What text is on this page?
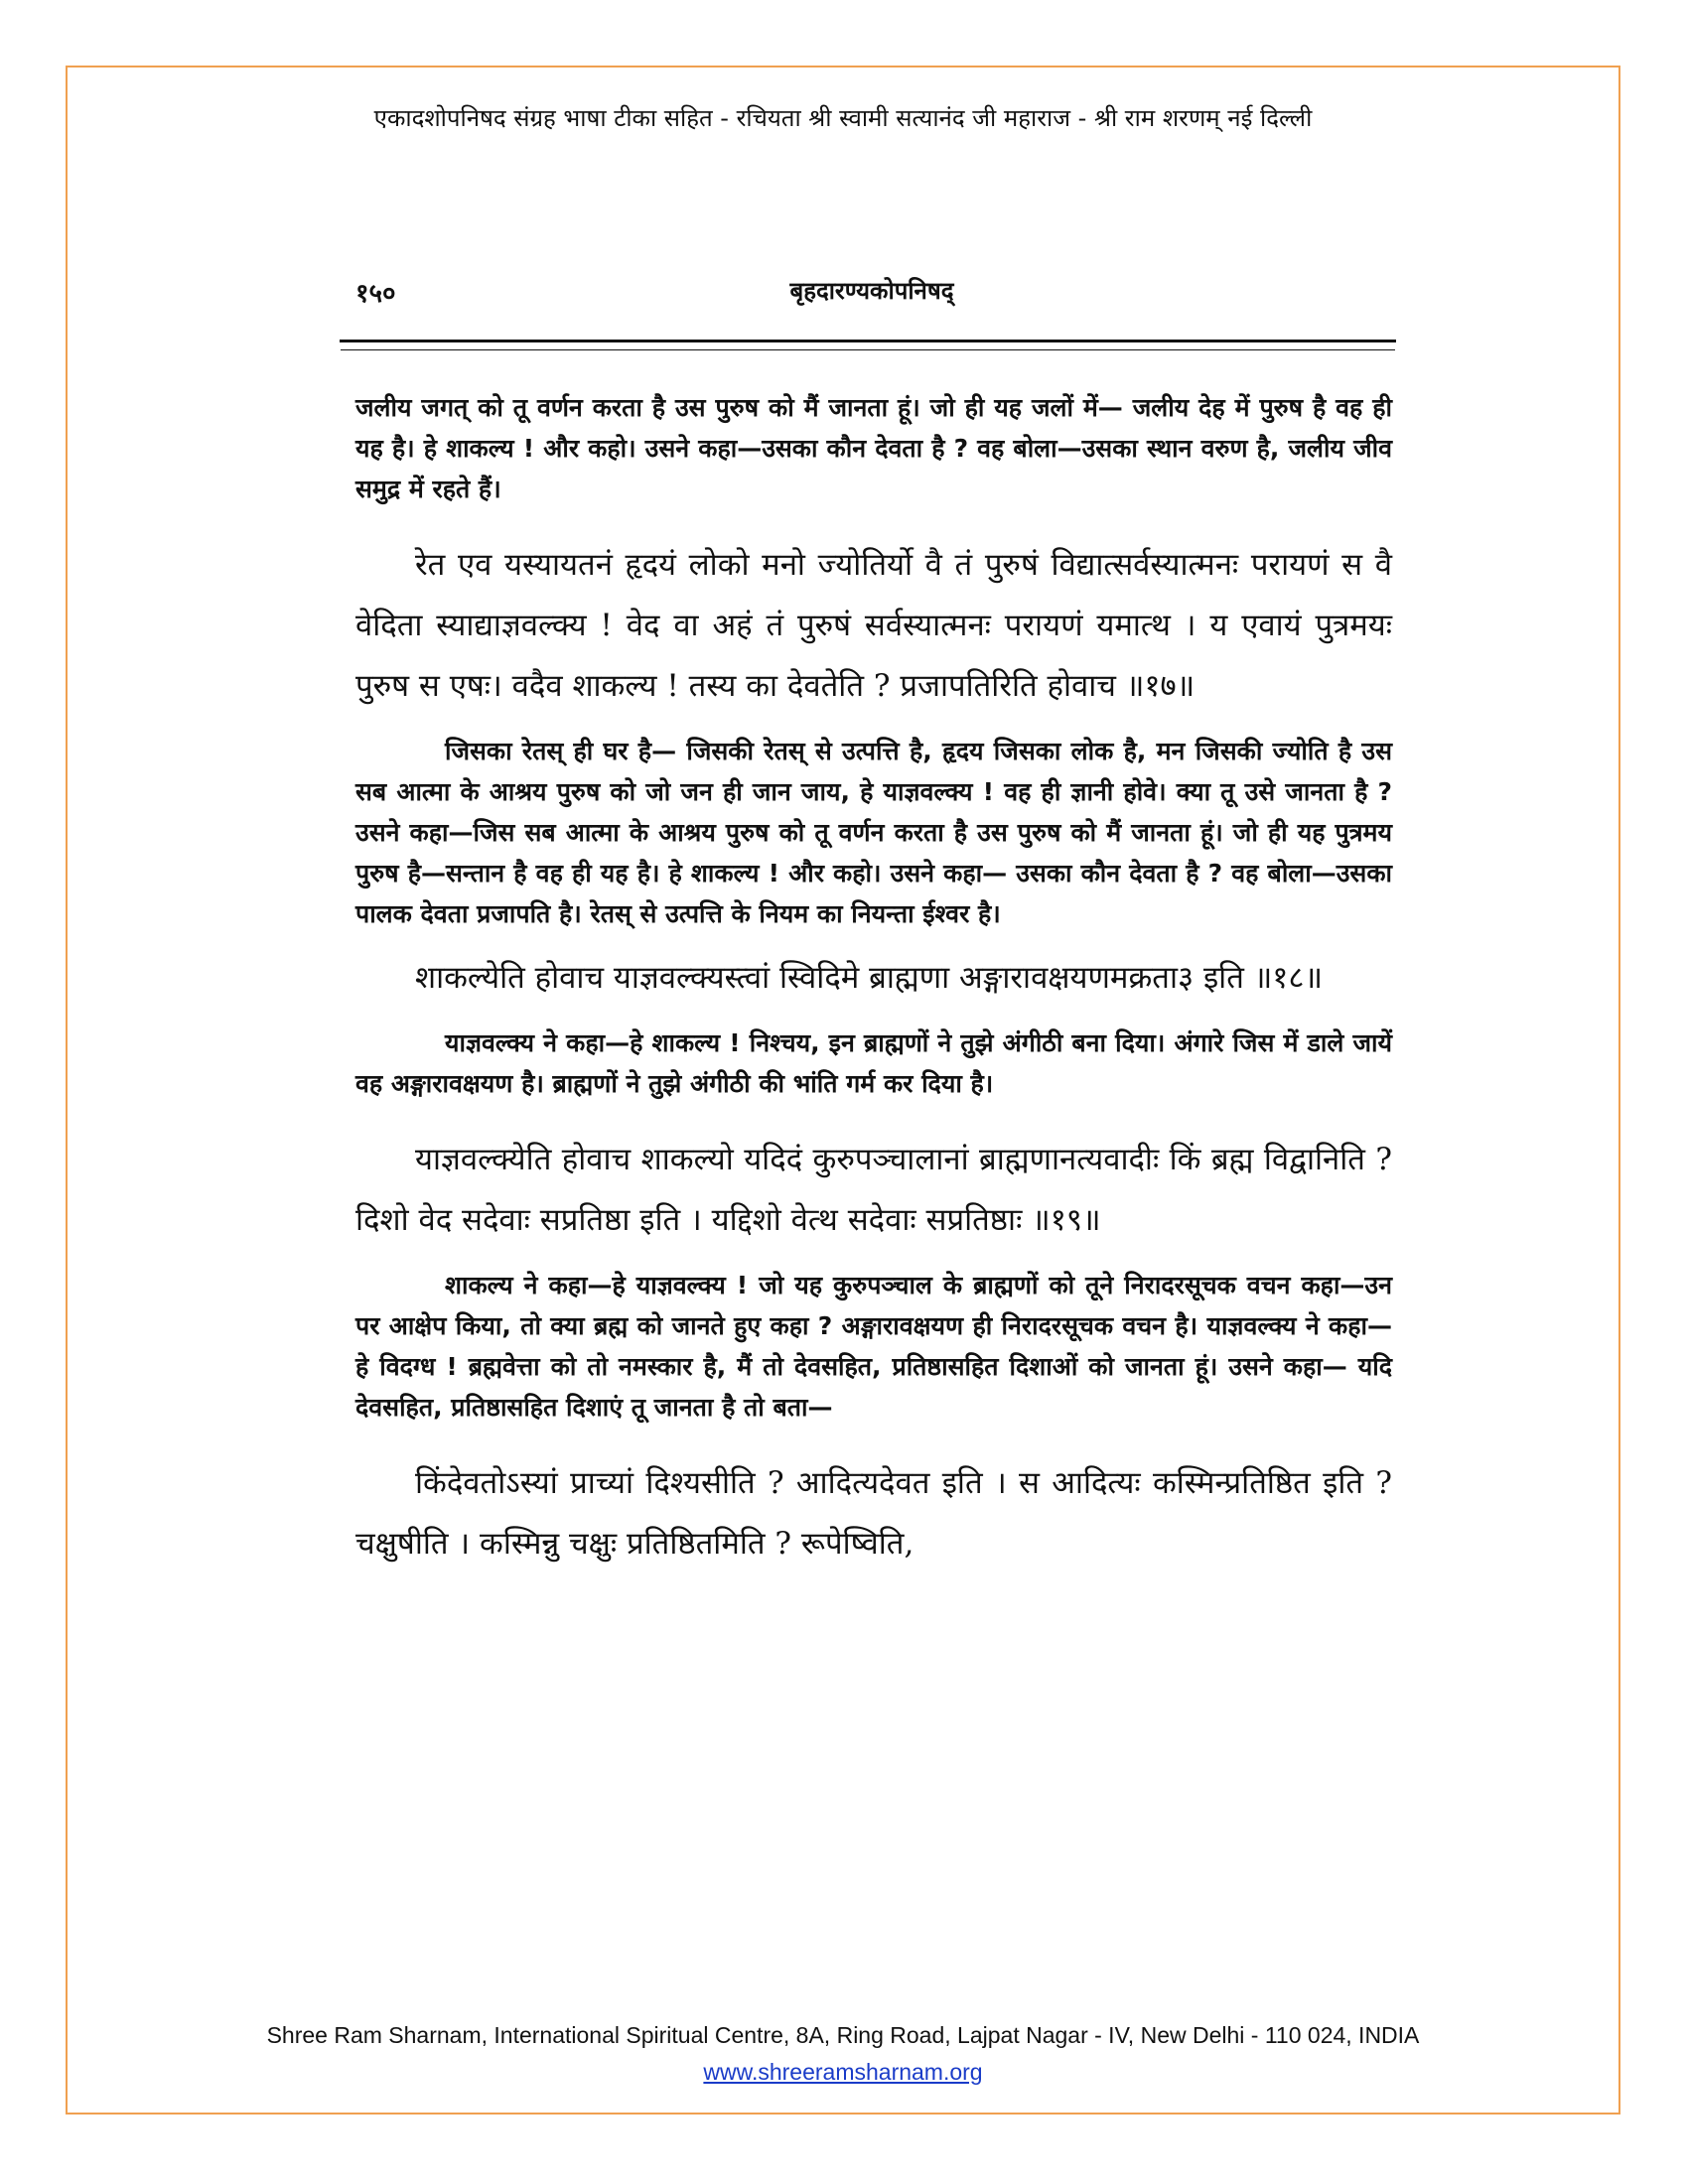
एकादशोपनिषद संग्रह भाषा टीका सहित - रचियता श्री स्वामी सत्यानंद जी महाराज - श्री राम शरणम् नई दिल्ली
१५०	बृहदारण्यकोपनिषद्

जलीय जगत् को तू वर्णन करता है उस पुरुष को मैं जानता हूं। जो ही यह जलों में— जलीय देह में पुरुष है वह ही यह है। हे शाकल्य ! और कहो। उसने कहा—उसका कौन देवता है ? वह बोला—उसका स्थान वरुण है, जलीय जीव समुद्र में रहते हैं।

रेत एव यस्यायतनं हृदयं लोको मनो ज्योतिर्यो वै तं पुरुषं विद्यात्सर्वस्यात्मनः परायणं स वै वेदिता स्याद्याज्ञवल्क्य ! वेद वा अहं तं पुरुषं सर्वस्यात्मनः परायणं यमात्थ । य एवायं पुत्रमयः पुरुष स एषः। वदैव शाकल्य ! तस्य का देवतेति ? प्रजापतिरिति होवाच ॥१७॥

जिसका रेतस् ही घर है— जिसकी रेतस् से उत्पत्ति है, हृदय जिसका लोक है, मन जिसकी ज्योति है उस सब आत्मा के आश्रय पुरुष को जो जन ही जान जाय, हे याज्ञवल्क्य ! वह ही ज्ञानी होवे। क्या तू उसे जानता है ? उसने कहा—जिस सब आत्मा के आश्रय पुरुष को तू वर्णन करता है उस पुरुष को मैं जानता हूं। जो ही यह पुत्रमय पुरुष है—सन्तान है वह ही यह है। हे शाकल्य ! और कहो। उसने कहा— उसका कौन देवता है ? वह बोला—उसका पालक देवता प्रजापति है। रेतस् से उत्पत्ति के नियम का नियन्ता ईश्वर है।

शाकल्येति होवाच याज्ञवल्क्यस्त्वां स्विदिमे ब्राह्मणा अङ्गारावक्षयणमक्रता३ इति ॥१८॥

याज्ञवल्क्य ने कहा—हे शाकल्य ! निश्चय, इन ब्राह्मणों ने तुझे अंगीठी बना दिया। अंगारे जिस में डाले जायें वह अङ्गारावक्षयण है। ब्राह्मणों ने तुझे अंगीठी की भांति गर्म कर दिया है।

याज्ञवल्क्येति होवाच शाकल्यो यदिदं कुरुपञ्चालानां ब्राह्मणानत्यवादीः किं ब्रह्म विद्वानिति ? दिशो वेद सदेवाः सप्रतिष्ठा इति । यद्दिशो वेत्थ सदेवाः सप्रतिष्ठाः ॥१९॥

शाकल्य ने कहा—हे याज्ञवल्क्य ! जो यह कुरुपञ्चाल के ब्राह्मणों को तूने निरादरसूचक वचन कहा—उन पर आक्षेप किया, तो क्या ब्रह्म को जानते हुए कहा ? अङ्गारावक्षयण ही निरादरसूचक वचन है। याज्ञवल्क्य ने कहा—हे विदग्ध ! ब्रह्मवेत्ता को तो नमस्कार है, मैं तो देवसहित, प्रतिष्ठासहित दिशाओं को जानता हूं। उसने कहा— यदि देवसहित, प्रतिष्ठासहित दिशाएं तू जानता है तो बता—

किंदेवतोऽस्यां प्राच्यां दिश्यसीति ? आदित्यदेवत इति । स आदित्यः कस्मिन्प्रतिष्ठित इति ? चक्षुषीति । कस्मिन्नु चक्षुः प्रतिष्ठितमिति ? रूपेष्विति,

Shree Ram Sharnam, International Spiritual Centre, 8A, Ring Road, Lajpat Nagar - IV, New Delhi - 110 024, INDIA
www.shreeramsharnam.org
